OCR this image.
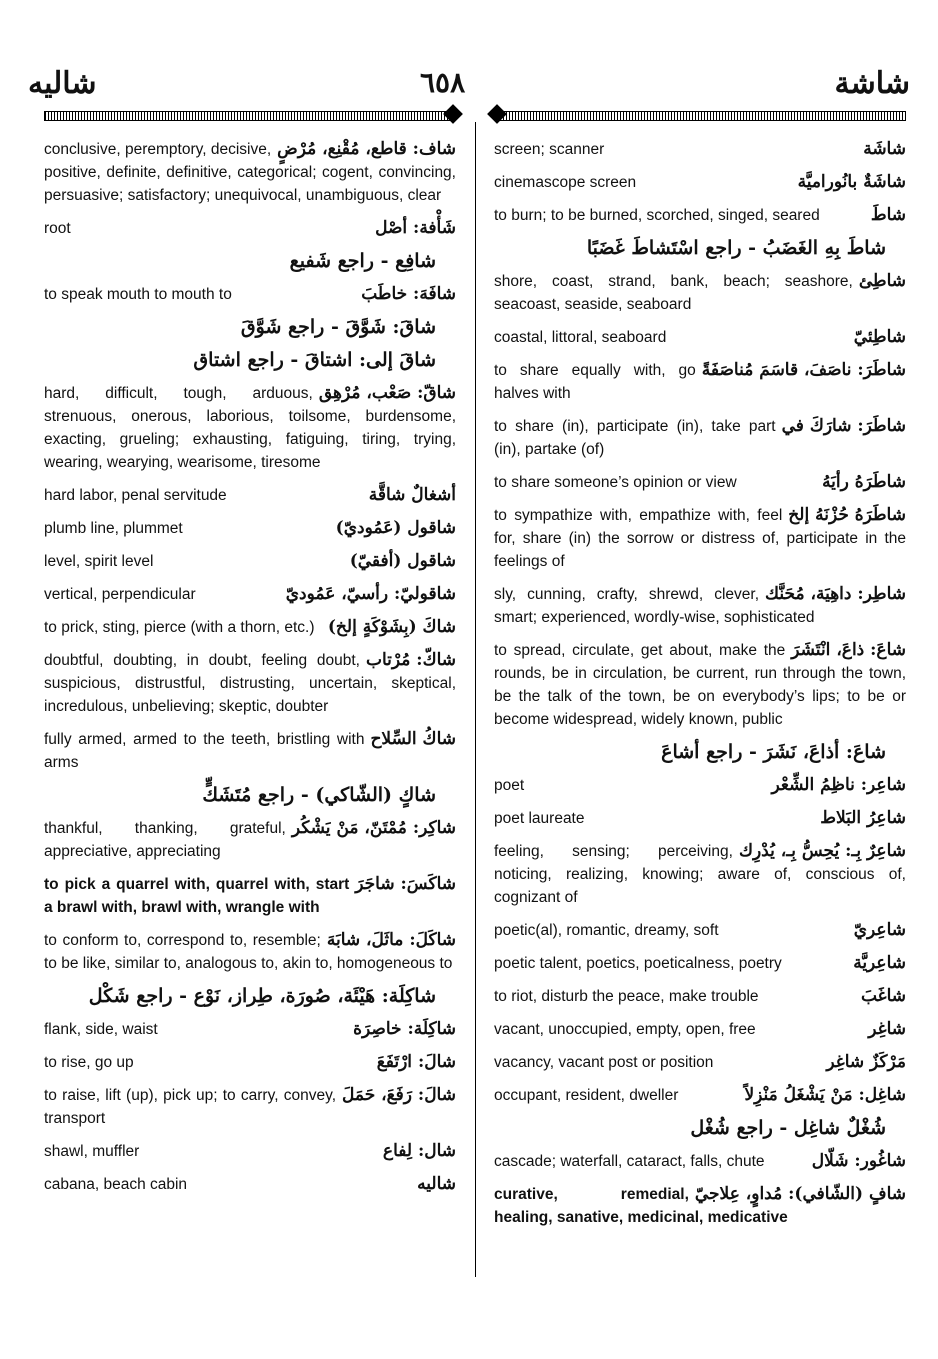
شاليه	٦٥٨	شاشة
شاف: قاطع، مُقْنِع، مُرْضٍ
conclusive, peremptory, decisive, positive, definite, definitive, categorical; cogent, convincing, persuasive; satisfactory; unequivocal, unambiguous, clear
شَأْفة: أصْل
root
شافِع - راجع شَفيع
شافَهَ: خاطَبَ
to speak mouth to mouth to
شاقَ: شَوَّقَ - راجع شَوَّقَ
شاقَ إلى: اشتاقَ - راجع اشتاق
شاقّ: صَعْب، مُرْهِق
hard, difficult, tough, arduous, strenuous, onerous, laborious, toilsome, burdensome, exacting, grueling; exhausting, fatiguing, tiring, trying, wearing, wearying, wearisome, tiresome
أشغالٌ شاقَّة
hard labor, penal servitude
شاقول (عَمُوديّ)
plumb line, plummet
شاقول (أفقيّ)
level, spirit level
شاقوليّ: رأسيّ، عَمُوديّ
vertical, perpendicular
شاكَ (بِشَوْكَةٍ إلخ)
to prick, sting, pierce (with a thorn, etc.)
شاكّ: مُرْتاب
doubtful, doubting, in doubt, feeling doubt, suspicious, distrustful, distrusting, uncertain, skeptical, incredulous, unbelieving; skeptic, doubter
شاكُ السِّلاح
fully armed, armed to the teeth, bristling with arms
شاكٍ (الشّاكي) - راجع مُتَشَكٍّ
شاكِر: مُمْتَنّ، مَنْ يَشْكُر
thankful, thanking, grateful, appreciative, appreciating
شاكَسَ: شاجَرَ
to pick a quarrel with, quarrel with, start a brawl with, brawl with, wrangle with
شاكَلَ: ماثَلَ، شابَهَ
to conform to, correspond to, resemble; to be like, similar to, analogous to, akin to, homogeneous to
شاكِلَة: هَيْئَة، صُورَة، طِراز، نَوْع - راجع شَكْل
شاكِلَة: خاصِرَة
flank, side, waist
شالَ: ارْتَفَعَ
to rise, go up
شالَ: رَفَعَ، حَمَلَ
to raise, lift (up), pick up; to carry, convey, transport
شال: لِفاع
shawl, muffler
شاليه
cabana, beach cabin
شاشَة
screen; scanner
شاشَةٌ بانُوراميَّة
cinemascope screen
شاطَ
to burn; to be burned, scorched, singed, seared
شاطَ بِهِ الغَضَبُ - راجع اسْتَشاطَ غَضَبًا
شاطِئ
shore, coast, strand, bank, beach; seashore, seacoast, seaside, seaboard
شاطِئيّ
coastal, littoral, seaboard
شاطَرَ: ناصَفَ، قاسَمَ مُناصَفَةً
to share equally with, go halves with
شاطَرَ: شارَكَ في
to share (in), participate (in), take part (in), partake (of)
شاطَرَهُ رأيَهُ
to share someone’s opinion or view
شاطَرَهُ حُزْنَهُ إلخ
to sympathize with, empathize with, feel for, share (in) the sorrow or distress of, participate in the feelings of
شاطِر: داهِيَة، مُحَنَّك
sly, cunning, crafty, shrewd, clever, smart; experienced, wordly-wise, sophisticated
شاعَ: ذاعَ، انْتَشَرَ
to spread, circulate, get about, make the rounds, be in circulation, be current, run through the town, be the talk of the town, be on everybody’s lips; to be or become widespread, widely known, public
شاعَ: أذاعَ، نَشَرَ - راجع أشاعَ
شاعِر: ناظِمُ الشِّعْر
poet
شاعِرُ البَلاط
poet laureate
شاعِرٌ بِـ: يُحِسُّ بِـ، يُدْرِك
feeling, sensing; perceiving, noticing, realizing, knowing; aware of, conscious of, cognizant of
شاعِريّ
poetic(al), romantic, dreamy, soft
شاعِريَّة
poetic talent, poetics, poeticalness, poetry
شاغَبَ
to riot, disturb the peace, make trouble
شاغِر
vacant, unoccupied, empty, open, free
مَرْكَزٌ شاغِر
vacancy, vacant post or position
شاغِل: مَنْ يَشْغَلُ مَنْزِلاً
occupant, resident, dweller
شُغْلٌ شاغِل - راجع شُغْل
شاغُور: شَلّال
cascade; waterfall, cataract, falls, chute
شافٍ (الشّافي): مُداوٍ، عِلاجيّ
curative, remedial, healing, sanative, medicinal, medicative
